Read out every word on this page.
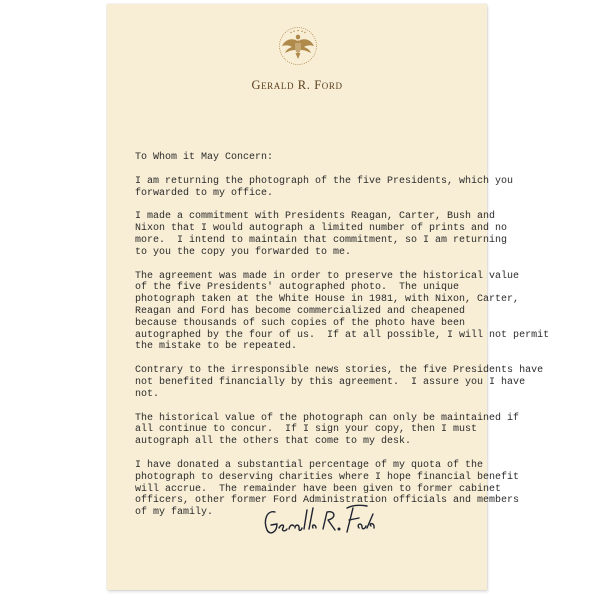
Gerald R. Ford

To Whom it May Concern:

I am returning the photograph of the five Presidents, which you
forwarded to my office.

I made a commitment with Presidents Reagan, Carter, Bush and
Nixon that I would autograph a limited number of prints and no
more.  I intend to maintain that commitment, so I am returning
to you the copy you forwarded to me.

The agreement was made in order to preserve the historical value
of the five Presidents' autographed photo.  The unique
photograph taken at the White House in 1981, with Nixon, Carter,
Reagan and Ford has become commercialized and cheapened
because thousands of such copies of the photo have been
autographed by the four of us.  If at all possible, I will not permit
the mistake to be repeated.

Contrary to the irresponsible news stories, the five Presidents have
not benefited financially by this agreement.  I assure you I have
not.

The historical value of the photograph can only be maintained if
all continue to concur.  If I sign your copy, then I must
autograph all the others that come to my desk.

I have donated a substantial percentage of my quota of the
photograph to deserving charities where I hope financial benefit
will accrue.  The remainder have been given to former cabinet
officers, other former Ford Administration officials and members
of my family.
